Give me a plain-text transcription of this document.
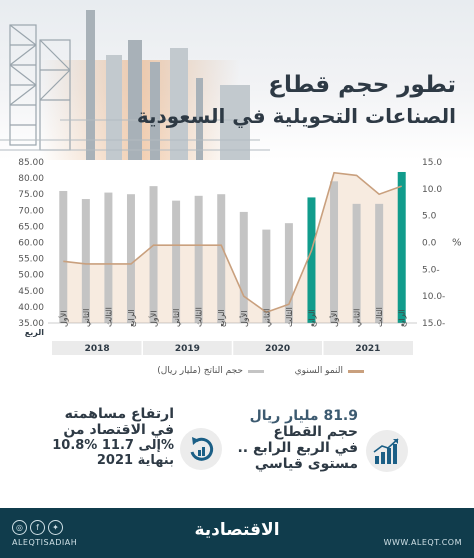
تطور حجم قطاع
الصناعات التحويلية في السعودية
85.00
80.00
75.00
70.00
65.00
60.00
55.00
50.00
45.00
40.00
35.00
15.0
10.0
5.0
0.0
5.0-
10.0-
15.0-
%
الأول الثاني الثالث الرابع الأول الثاني الثالث الرابع الأول الثاني الثالث الرابع الأول الثاني الثالث الرابع
الربع
2018	2019	2020	2021
النمو السنوي
حجم الناتج (مليار ريال)
81.9 مليار ريال
حجم القطاع
في الربع الرابع ..
مستوى قياسي
ارتفاع مساهمته
في الاقتصاد من
10.8% إلى 11.7%
بنهاية 2021
◎	f	✦
ALEQTISADIAH
الاقتصادية
WWW.ALEQT.COM
